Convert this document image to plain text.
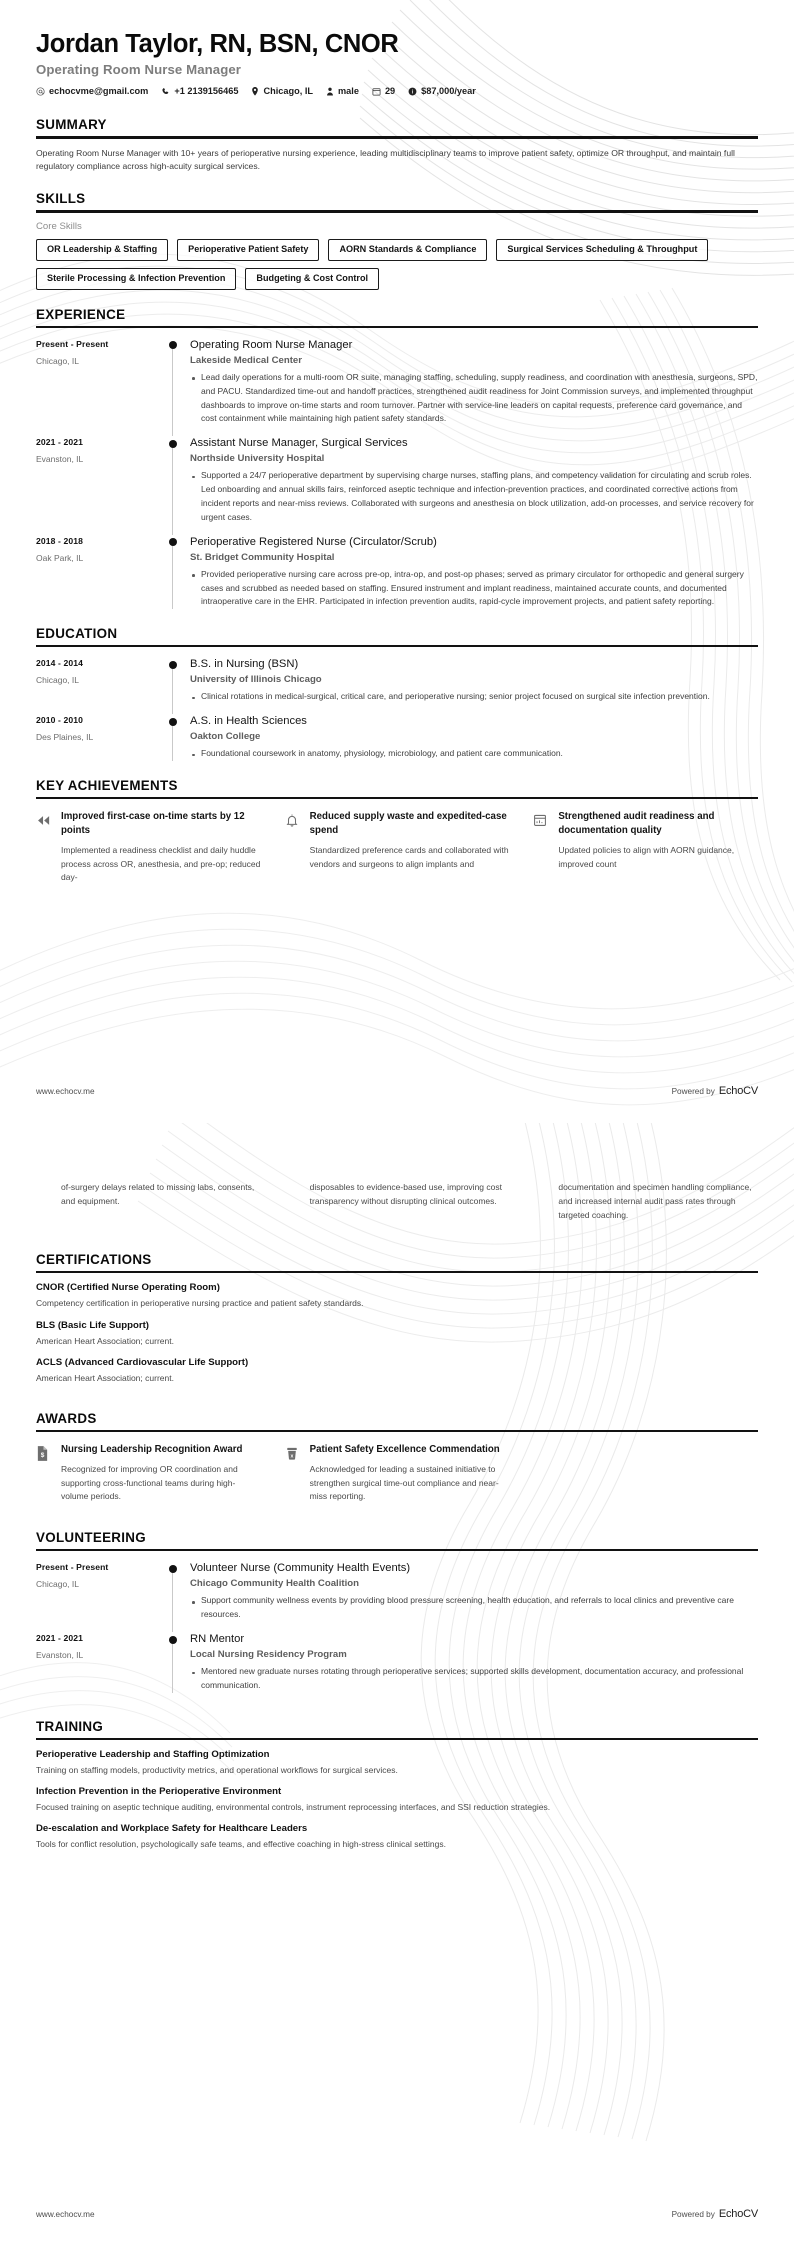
Jordan Taylor, RN, BSN, CNOR
Operating Room Nurse Manager
echocvme@gmail.com	+1 2139156465	Chicago, IL	male	29 i $87,000/year
SUMMARY
Operating Room Nurse Manager with 10+ years of perioperative nursing experience, leading multidisciplinary teams to improve patient safety, optimize OR throughput, and maintain full regulatory compliance across high-acuity surgical services.
SKILLS
Core Skills
OR Leadership & Staffing	Perioperative Patient Safety	AORN Standards & Compliance	Surgical Services Scheduling & Throughput
Sterile Processing & Infection Prevention	Budgeting & Cost Control
EXPERIENCE
Present - Present
Chicago, IL
Operating Room Nurse Manager
Lakeside Medical Center
Lead daily operations for a multi-room OR suite, managing staffing, scheduling, supply readiness, and coordination with anesthesia, surgeons, SPD, and PACU. Standardized time-out and handoff practices, strengthened audit readiness for Joint Commission surveys, and implemented throughput dashboards to improve on-time starts and room turnover. Partner with service-line leaders on capital requests, preference card governance, and cost containment while maintaining high patient safety standards.
2021 - 2021
Evanston, IL
Assistant Nurse Manager, Surgical Services
Northside University Hospital
Supported a 24/7 perioperative department by supervising charge nurses, staffing plans, and competency validation for circulating and scrub roles. Led onboarding and annual skills fairs, reinforced aseptic technique and infection-prevention practices, and coordinated corrective actions from incident reports and near-miss reviews. Collaborated with surgeons and anesthesia on block utilization, add-on processes, and service recovery for urgent cases.
2018 - 2018
Oak Park, IL
Perioperative Registered Nurse (Circulator/Scrub)
St. Bridget Community Hospital
Provided perioperative nursing care across pre-op, intra-op, and post-op phases; served as primary circulator for orthopedic and general surgery cases and scrubbed as needed based on staffing. Ensured instrument and implant readiness, maintained accurate counts, and documented intraoperative care in the EHR. Participated in infection prevention audits, rapid-cycle improvement projects, and patient safety reporting.
EDUCATION
2014 - 2014
Chicago, IL
B.S. in Nursing (BSN)
University of Illinois Chicago
Clinical rotations in medical-surgical, critical care, and perioperative nursing; senior project focused on surgical site infection prevention.
2010 - 2010
Des Plaines, IL
A.S. in Health Sciences
Oakton College
Foundational coursework in anatomy, physiology, microbiology, and patient care communication.
KEY ACHIEVEMENTS
Improved first-case on-time starts by 12 points
Implemented a readiness checklist and daily huddle process across OR, anesthesia, and pre-op; reduced day-
Reduced supply waste and expedited-case spend
Standardized preference cards and collaborated with vendors and surgeons to align implants and
Strengthened audit readiness and documentation quality
Updated policies to align with AORN guidance, improved count
www.echocv.me	Powered by EchoCV
of-surgery delays related to missing labs, consents, and equipment.
disposables to evidence-based use, improving cost transparency without disrupting clinical outcomes.
documentation and specimen handling compliance, and increased internal audit pass rates through targeted coaching.
CERTIFICATIONS
CNOR (Certified Nurse Operating Room)
Competency certification in perioperative nursing practice and patient safety standards.
BLS (Basic Life Support)
American Heart Association; current.
ACLS (Advanced Cardiovascular Life Support)
American Heart Association; current.
AWARDS
$
Nursing Leadership Recognition Award
Recognized for improving OR coordination and supporting cross-functional teams during high-volume periods.
x
Patient Safety Excellence Commendation
Acknowledged for leading a sustained initiative to strengthen surgical time-out compliance and near-miss reporting.
VOLUNTEERING
Present - Present
Chicago, IL
Volunteer Nurse (Community Health Events)
Chicago Community Health Coalition
Support community wellness events by providing blood pressure screening, health education, and referrals to local clinics and preventive care resources.
2021 - 2021
Evanston, IL
RN Mentor
Local Nursing Residency Program
Mentored new graduate nurses rotating through perioperative services; supported skills development, documentation accuracy, and professional communication.
TRAINING
Perioperative Leadership and Staffing Optimization
Training on staffing models, productivity metrics, and operational workflows for surgical services.
Infection Prevention in the Perioperative Environment
Focused training on aseptic technique auditing, environmental controls, instrument reprocessing interfaces, and SSI reduction strategies.
De-escalation and Workplace Safety for Healthcare Leaders
Tools for conflict resolution, psychologically safe teams, and effective coaching in high-stress clinical settings.
www.echocv.me	Powered by EchoCV
